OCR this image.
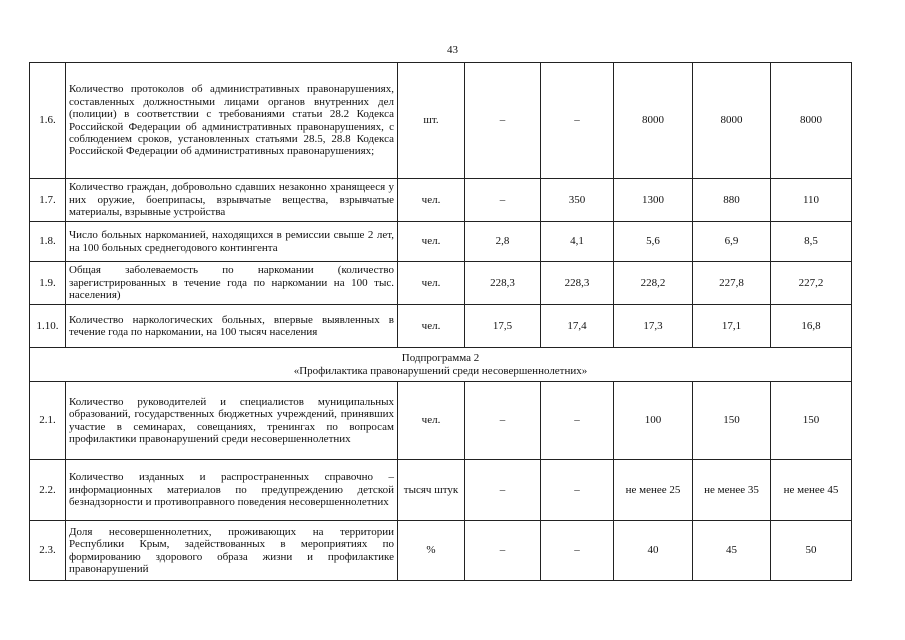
43
1.6.	Количество протоколов об административных правонарушениях, составленных должностными лицами органов внутренних дел (полиции) в соответствии с требованиями статьи 28.2 Кодекса Российской Федерации об административных правонарушениях, с соблюдением сроков, установленных статьями 28.5, 28.8 Кодекса Российской Федерации об административных правонарушениях;	шт.	–	–	8000	8000	8000
1.7.	Количество граждан, добровольно сдавших незаконно хранящееся у них оружие, боеприпасы, взрывчатые вещества, взрывчатые материалы, взрывные устройства	чел.	–	350	1300	880	110
1.8.	Число больных наркоманией, находящихся в ремиссии свыше 2 лет, на 100 больных среднегодового контингента	чел.	2,8	4,1	5,6	6,9	8,5
1.9.	Общая заболеваемость по наркомании (количество зарегистрированных в течение года по наркомании на 100 тыс. населения)	чел.	228,3	228,3	228,2	227,8	227,2
1.10.	Количество наркологических больных, впервые выявленных в течение года по наркомании, на 100 тысяч населения	чел.	17,5	17,4	17,3	17,1	16,8

Подпрограмма 2
«Профилактика правонарушений среди несовершеннолетних»							

2.1.	Количество руководителей и специалистов муниципальных образований, государственных бюджетных учреждений, принявших участие в семинарах, совещаниях, тренингах по вопросам профилактики правонарушений среди несовершеннолетних	чел.	–	–	100	150	150
2.2.	Количество изданных и распространенных справочно – информационных материалов по предупреждению детской безнадзорности и противоправного поведения несовершеннолетних	тысяч штук	–	–	не менее 25	не менее 35	не менее 45
2.3.	Доля несовершеннолетних, проживающих на территории Республики Крым, задействованных в мероприятиях по формированию здорового образа жизни и профилактике правонарушений	%	–	–	40	45	50
